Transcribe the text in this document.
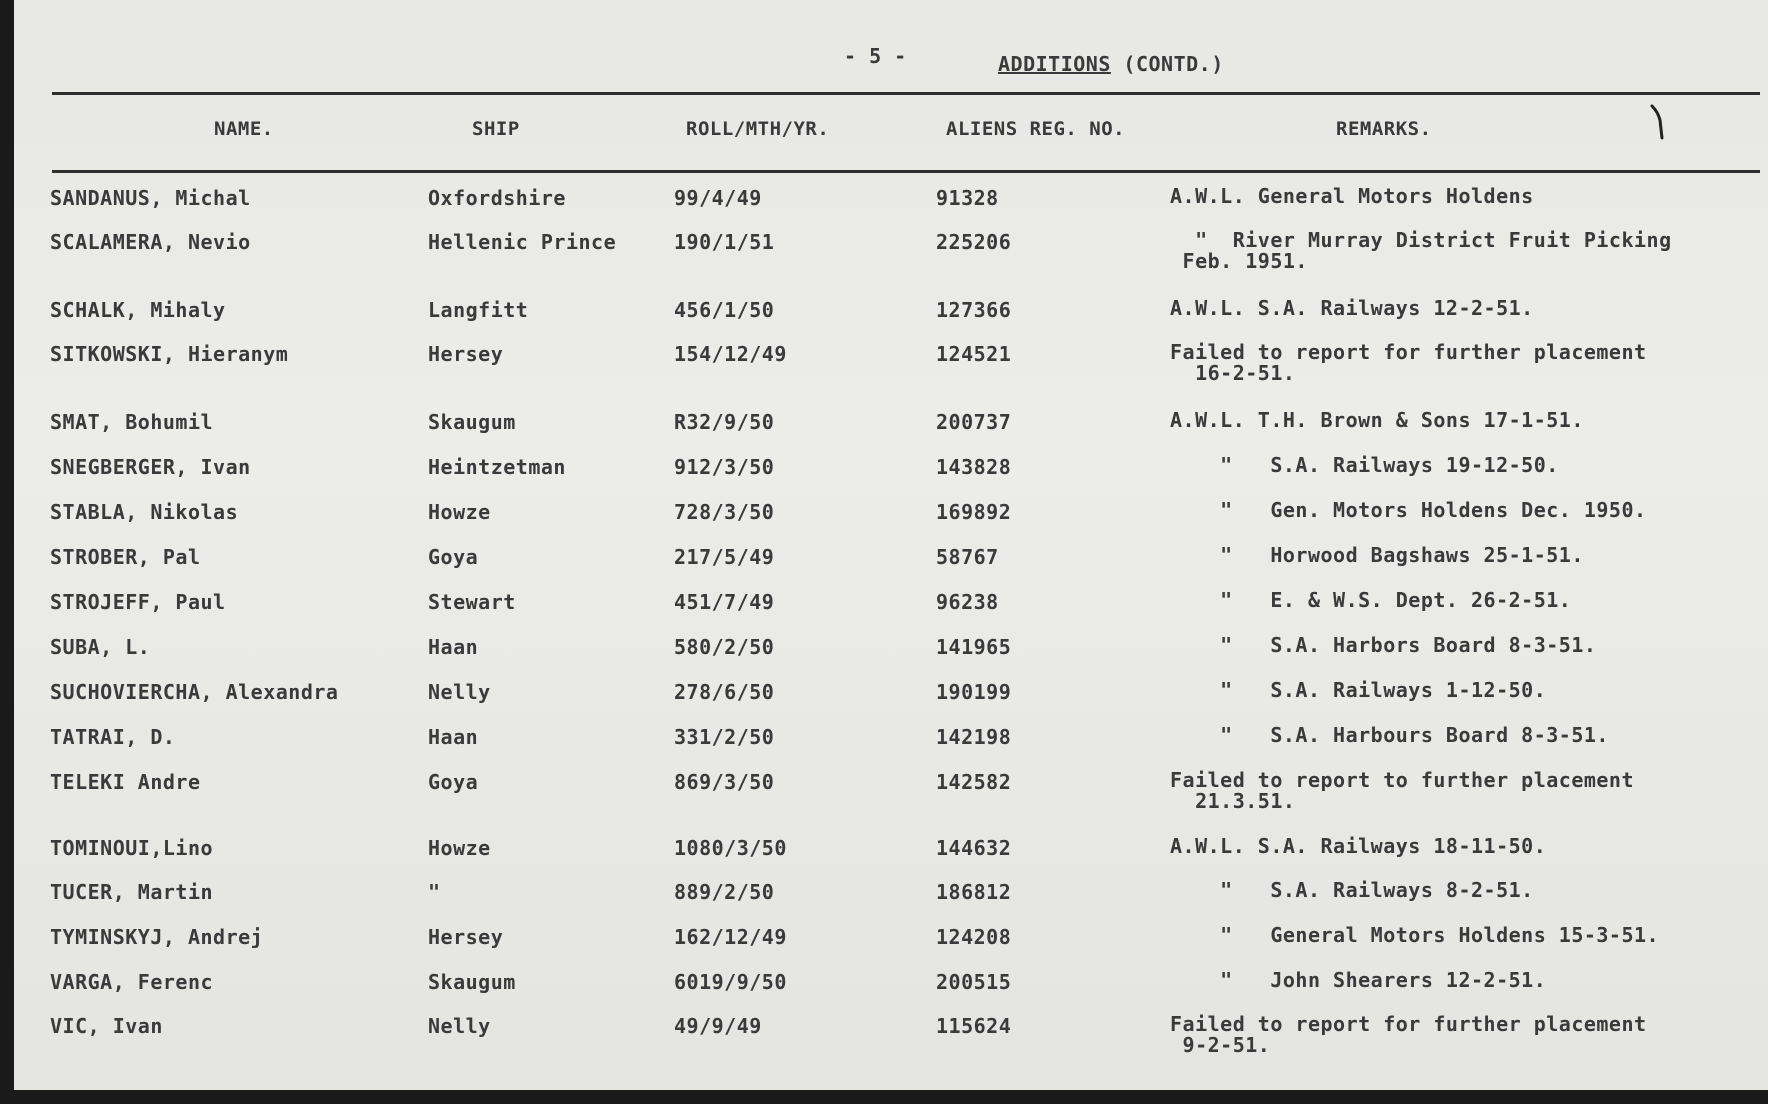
- 5 -	ADDITIONS (CONTD.)
NAME.	SHIP	ROLL/MTH/YR.	ALIENS REG. NO.	REMARKS.
SANDANUS, Michal	Oxfordshire	99/4/49	91328	A.W.L. General Motors Holdens
SCALAMERA, Nevio	Hellenic Prince	190/1/51	225206	"  River Murray District Fruit Picking
Feb. 1951.
SCHALK, Mihaly	Langfitt	456/1/50	127366	A.W.L. S.A. Railways 12-2-51.
SITKOWSKI, Hieranym	Hersey	154/12/49	124521	Failed to report for further placement
16-2-51.
SMAT, Bohumil	Skaugum	R32/9/50	200737	A.W.L. T.H. Brown & Sons 17-1-51.
SNEGBERGER, Ivan	Heintzetman	912/3/50	143828	"   S.A. Railways 19-12-50.
STABLA, Nikolas	Howze	728/3/50	169892	"   Gen. Motors Holdens Dec. 1950.
STROBER, Pal	Goya	217/5/49	58767	"   Horwood Bagshaws 25-1-51.
STROJEFF, Paul	Stewart	451/7/49	96238	"   E. & W.S. Dept. 26-2-51.
SUBA, L.	Haan	580/2/50	141965	"   S.A. Harbors Board 8-3-51.
SUCHOVIERCHA, Alexandra	Nelly	278/6/50	190199	"   S.A. Railways 1-12-50.
TATRAI, D.	Haan	331/2/50	142198	"   S.A. Harbours Board 8-3-51.
TELEKI Andre	Goya	869/3/50	142582	Failed to report to further placement
21.3.51.
TOMINOUI,Lino	Howze	1080/3/50	144632	A.W.L. S.A. Railways 18-11-50.
TUCER, Martin	"	889/2/50	186812	"   S.A. Railways 8-2-51.
TYMINSKYJ, Andrej	Hersey	162/12/49	124208	"   General Motors Holdens 15-3-51.
VARGA, Ferenc	Skaugum	6019/9/50	200515	"   John Shearers 12-2-51.
VIC, Ivan	Nelly	49/9/49	115624	Failed to report for further placement
9-2-51.
